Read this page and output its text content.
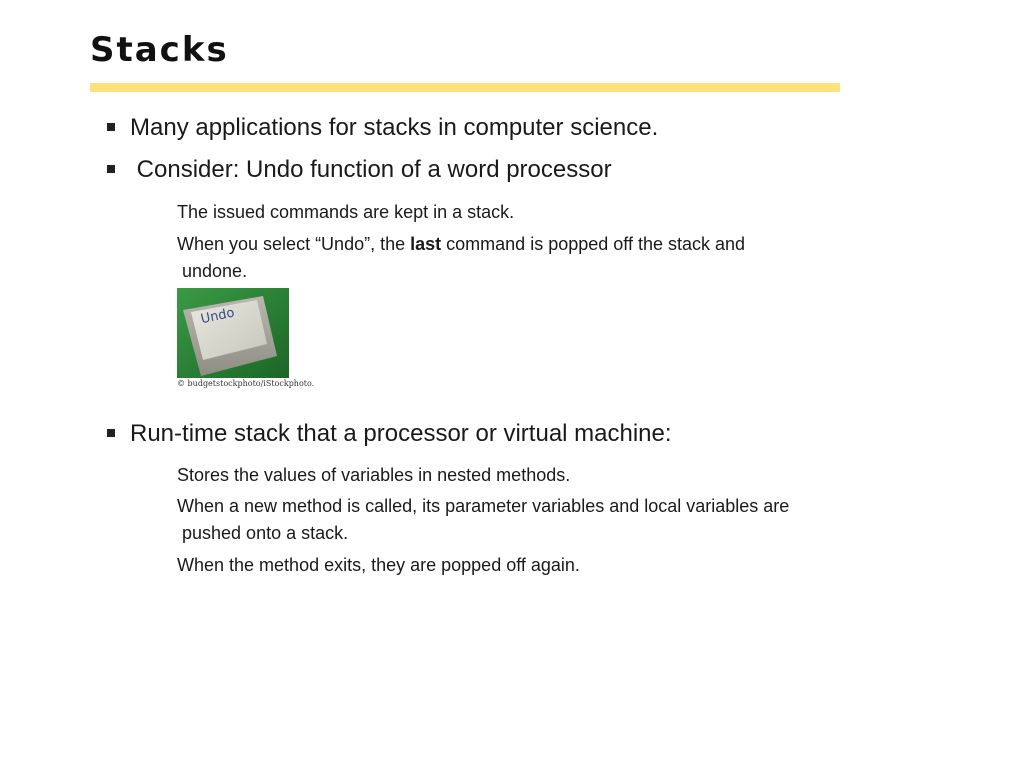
Stacks
Many applications for stacks in computer science.
Consider: Undo function of a word processor
The issued commands are kept in a stack.
When you select “Undo”, the last command is popped off the stack and
undone.
Undo
© budgetstockphoto/iStockphoto.
Run-time stack that a processor or virtual machine:
Stores the values of variables in nested methods.
When a new method is called, its parameter variables and local variables are
pushed onto a stack.
When the method exits, they are popped off again.
